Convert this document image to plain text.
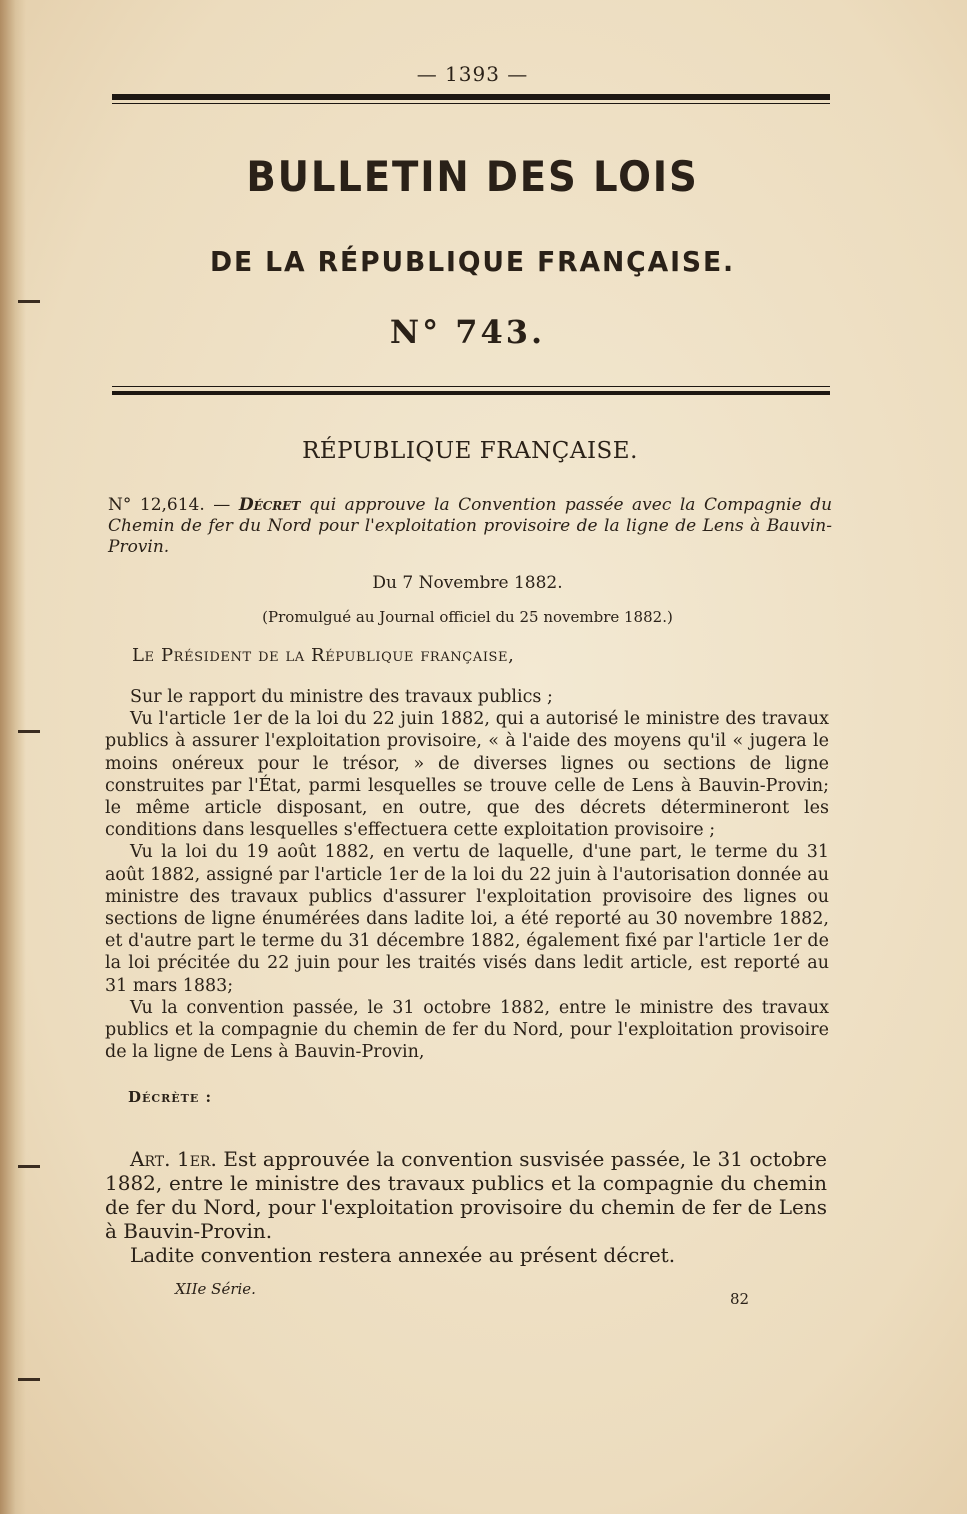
— 1393 —
BULLETIN DES LOIS
DE LA RÉPUBLIQUE FRANÇAISE.
N° 743.
RÉPUBLIQUE FRANÇAISE.
N° 12,614. — Décret qui approuve la Convention passée avec la Compagnie du Chemin de fer du Nord pour l'exploitation provisoire de la ligne de Lens à Bauvin-Provin.
Du 7 Novembre 1882.
(Promulgué au Journal officiel du 25 novembre 1882.)
Le Président de la République française,

Sur le rapport du ministre des travaux publics ;

Vu l'article 1er de la loi du 22 juin 1882, qui a autorisé le ministre des travaux publics à assurer l'exploitation provisoire, « à l'aide des moyens qu'il « jugera le moins onéreux pour le trésor, » de diverses lignes ou sections de ligne construites par l'État, parmi lesquelles se trouve celle de Lens à Bauvin-Provin; le même article disposant, en outre, que des décrets détermineront les conditions dans lesquelles s'effectuera cette exploitation provisoire ;

Vu la loi du 19 août 1882, en vertu de laquelle, d'une part, le terme du 31 août 1882, assigné par l'article 1er de la loi du 22 juin à l'autorisation donnée au ministre des travaux publics d'assurer l'exploitation provisoire des lignes ou sections de ligne énumérées dans ladite loi, a été reporté au 30 novembre 1882, et d'autre part le terme du 31 décembre 1882, également fixé par l'article 1er de la loi précitée du 22 juin pour les traités visés dans ledit article, est reporté au 31 mars 1883;

Vu la convention passée, le 31 octobre 1882, entre le ministre des travaux publics et la compagnie du chemin de fer du Nord, pour l'exploitation provisoire de la ligne de Lens à Bauvin-Provin,

Décrète :

Art. 1er. Est approuvée la convention susvisée passée, le 31 octobre 1882, entre le ministre des travaux publics et la compagnie du chemin de fer du Nord, pour l'exploitation provisoire du chemin de fer de Lens à Bauvin-Provin.

Ladite convention restera annexée au présent décret.

XIIe Série.
82
